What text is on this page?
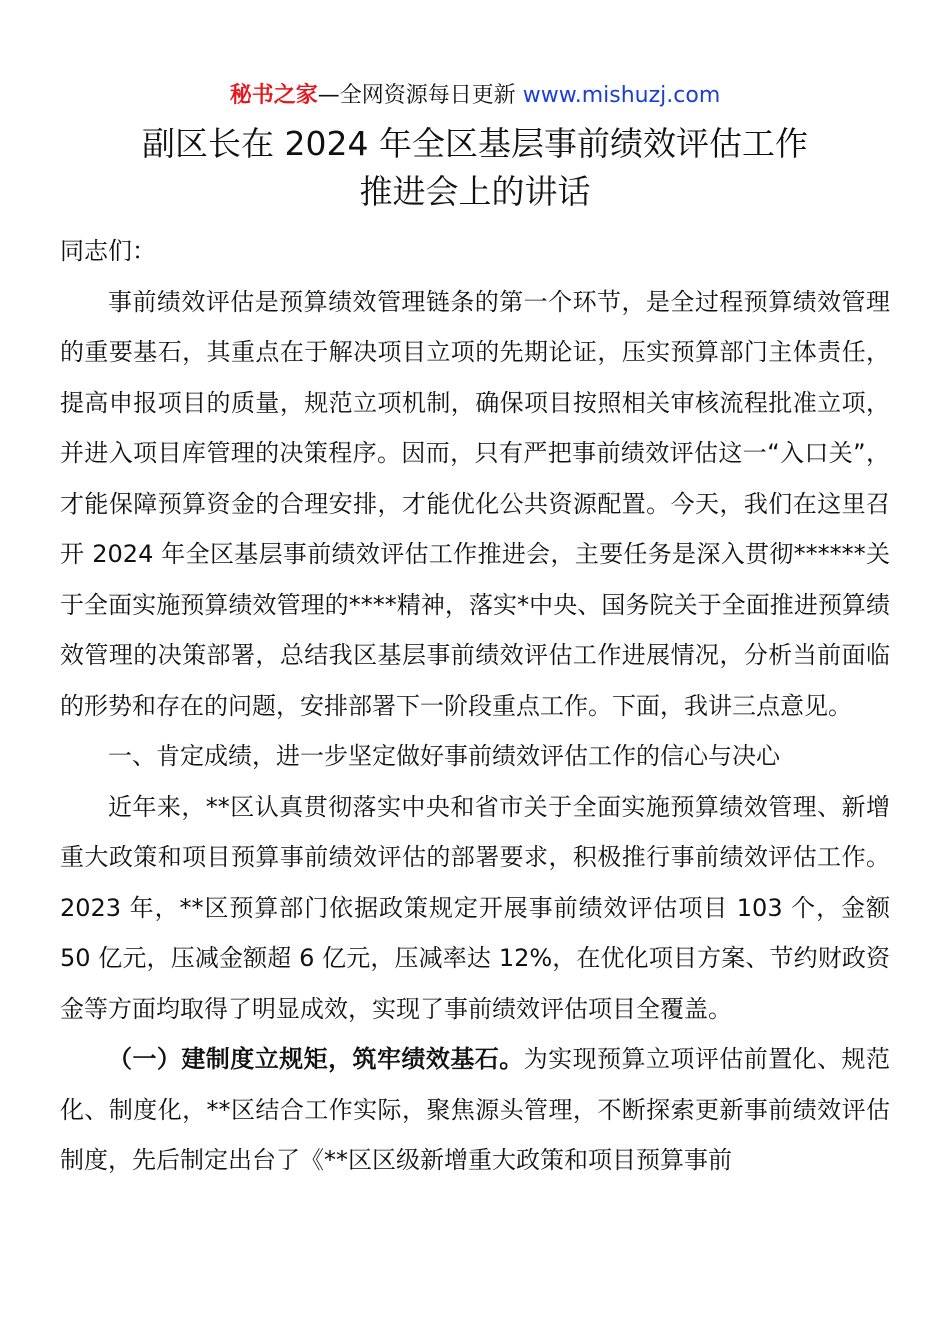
秘书之家—全网资源每日更新 www.mishuzj.com
副区长在 2024 年全区基层事前绩效评估工作
推进会上的讲话

同志们：

事前绩效评估是预算绩效管理链条的第一个环节，是全过程预算绩效管理的重要基石，其重点在于解决项目立项的先期论证，压实预算部门主体责任，提高申报项目的质量，规范立项机制，确保项目按照相关审核流程批准立项，并进入项目库管理的决策程序。因而，只有严把事前绩效评估这一“入口关”，才能保障预算资金的合理安排，才能优化公共资源配置。今天，我们在这里召开 2024 年全区基层事前绩效评估工作推进会，主要任务是深入贯彻******关于全面实施预算绩效管理的****精神，落实*中央、国务院关于全面推进预算绩效管理的决策部署，总结我区基层事前绩效评估工作进展情况，分析当前面临的形势和存在的问题，安排部署下一阶段重点工作。下面，我讲三点意见。

一、肯定成绩，进一步坚定做好事前绩效评估工作的信心与决心

近年来，**区认真贯彻落实中央和省市关于全面实施预算绩效管理、新增重大政策和项目预算事前绩效评估的部署要求，积极推行事前绩效评估工作。2023 年，**区预算部门依据政策规定开展事前绩效评估项目 103 个，金额 50 亿元，压减金额超 6 亿元，压减率达 12%，在优化项目方案、节约财政资金等方面均取得了明显成效，实现了事前绩效评估项目全覆盖。

（一）建制度立规矩，筑牢绩效基石。为实现预算立项评估前置化、规范化、制度化，**区结合工作实际，聚焦源头管理，不断探索更新事前绩效评估制度，先后制定出台了《**区区级新增重大政策和项目预算事前
